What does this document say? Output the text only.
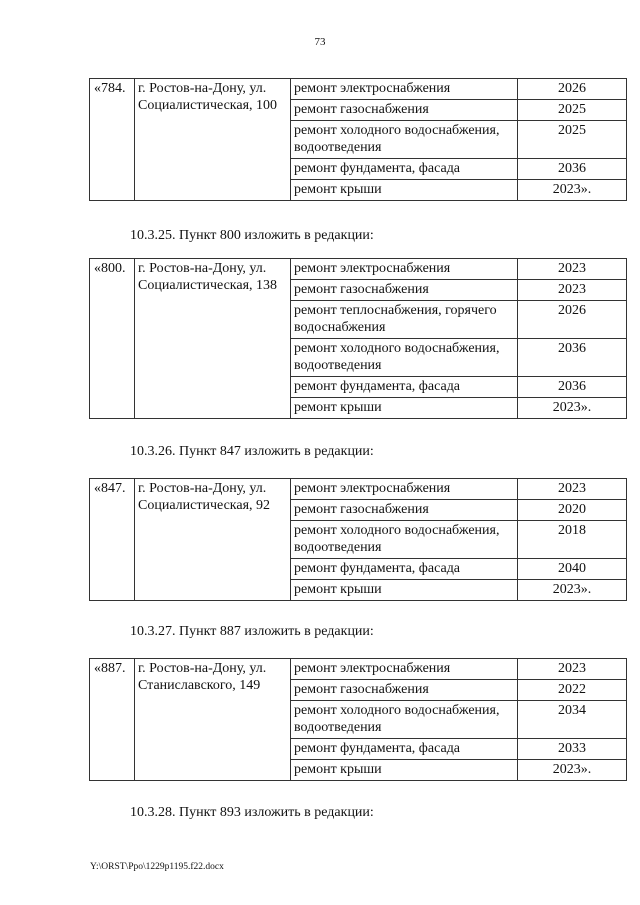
73
«784.	г. Ростов-на-Дону, ул. Социалистическая, 100	ремонт электроснабжения	2026
		ремонт газоснабжения	2025
		ремонт холодного водоснабжения, водоотведения	2025
		ремонт фундамента, фасада	2036
		ремонт крыши	2023».
10.3.25. Пункт 800 изложить в редакции:
«800.	г. Ростов-на-Дону, ул. Социалистическая, 138	ремонт электроснабжения	2023
		ремонт газоснабжения	2023
		ремонт теплоснабжения, горячего водоснабжения	2026
		ремонт холодного водоснабжения, водоотведения	2036
		ремонт фундамента, фасада	2036
		ремонт крыши	2023».
10.3.26. Пункт 847 изложить в редакции:
«847.	г. Ростов-на-Дону, ул. Социалистическая, 92	ремонт электроснабжения	2023
		ремонт газоснабжения	2020
		ремонт холодного водоснабжения, водоотведения	2018
		ремонт фундамента, фасада	2040
		ремонт крыши	2023».
10.3.27. Пункт 887 изложить в редакции:
«887.	г. Ростов-на-Дону, ул. Станиславского, 149	ремонт электроснабжения	2023
		ремонт газоснабжения	2022
		ремонт холодного водоснабжения, водоотведения	2034
		ремонт фундамента, фасада	2033
		ремонт крыши	2023».
10.3.28. Пункт 893 изложить в редакции:
Y:\ORST\Ppo\1229p1195.f22.docx
